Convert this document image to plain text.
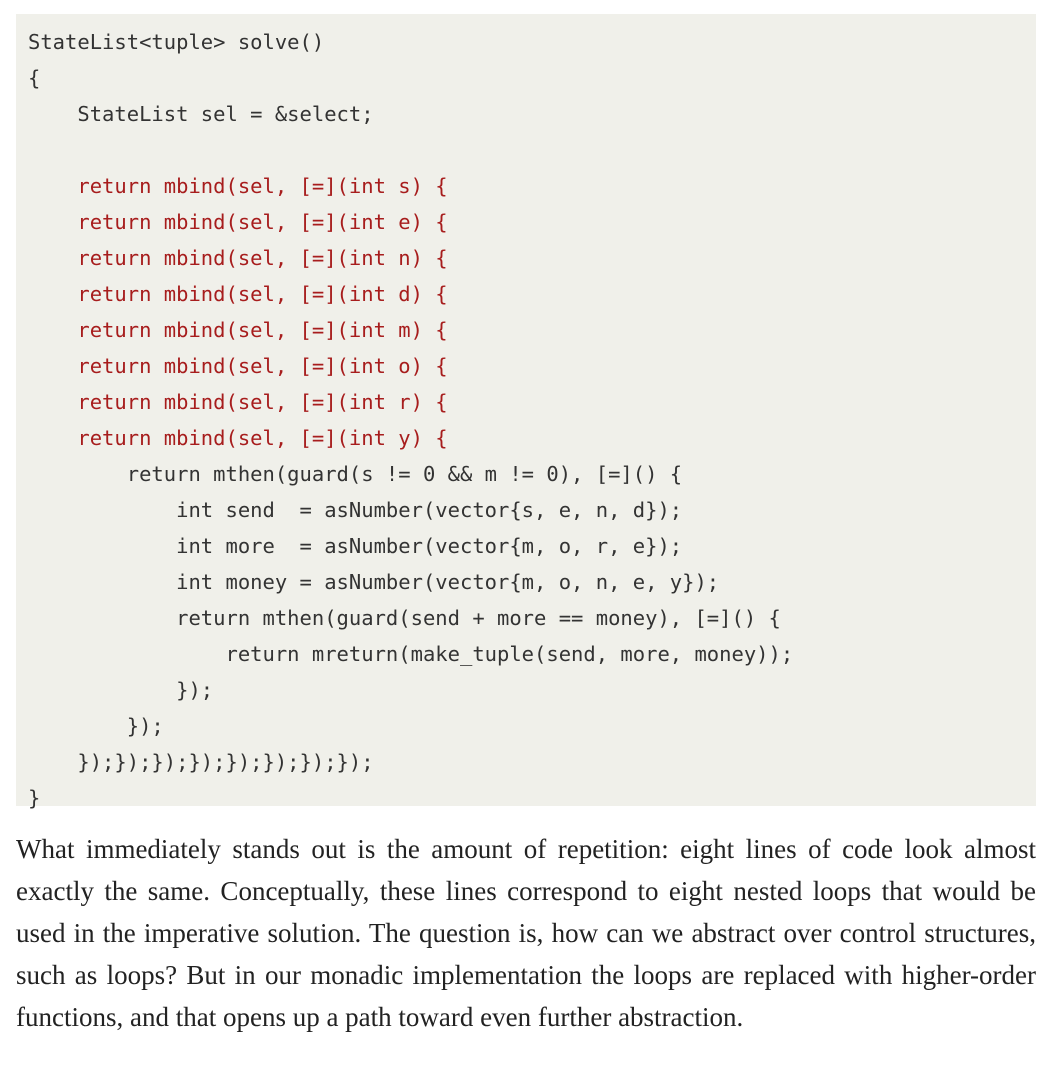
StateList<tuple> solve()
{
StateList sel = &select;
return mbind(sel, [=](int s) {
return mbind(sel, [=](int e) {
return mbind(sel, [=](int n) {
return mbind(sel, [=](int d) {
return mbind(sel, [=](int m) {
return mbind(sel, [=](int o) {
return mbind(sel, [=](int r) {
return mbind(sel, [=](int y) {
return mthen(guard(s != 0 && m != 0), [=]() {
int send  = asNumber(vector{s, e, n, d});
int more  = asNumber(vector{m, o, r, e});
int money = asNumber(vector{m, o, n, e, y});
return mthen(guard(send + more == money), [=]() {
return mreturn(make_tuple(send, more, money));
});
});
});});});});});});});});
}

What immediately stands out is the amount of repetition: eight lines of code look almost exactly the same. Conceptually, these lines correspond to eight nested loops that would be used in the imperative solution. The question is, how can we abstract over control structures, such as loops? But in our monadic implementation the loops are replaced with higher-order functions, and that opens up a path toward even further abstraction.
